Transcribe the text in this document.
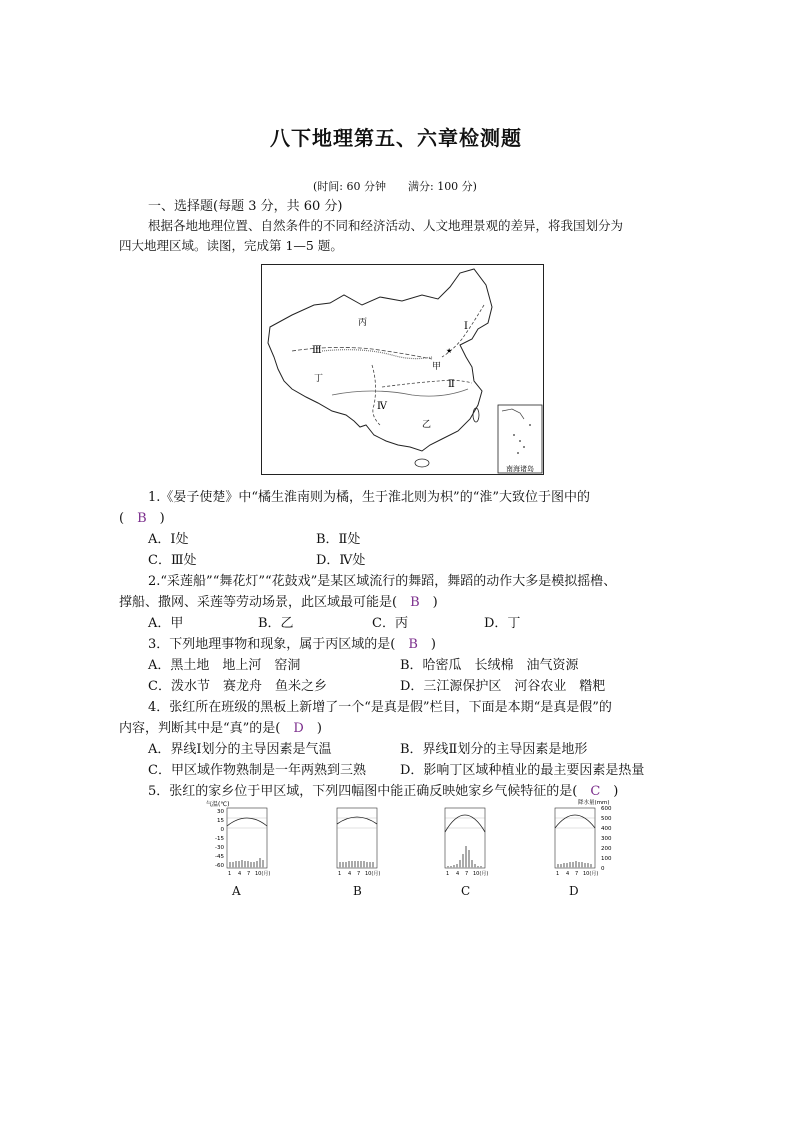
八下地理第五、六章检测题
(时间: 60 分钟　　满分: 100 分)
一、选择题(每题 3 分，共 60 分)
根据各地地理位置、自然条件的不同和经济活动、人文地理景观的差异，将我国划分为
四大地理区域。读图，完成第 1—5 题。
南海诸岛
丙
丁
乙
甲
Ⅰ
Ⅱ
Ⅲ
Ⅳ
★
1.《晏子使楚》中“橘生淮南则为橘，生于淮北则为枳”的“淮”大致位于图中的
(　B　)
A．Ⅰ处	B．Ⅱ处
C．Ⅲ处	D．Ⅳ处
2.“采莲船”“舞花灯”“花鼓戏”是某区域流行的舞蹈，舞蹈的动作大多是模拟摇橹、
撑船、撒网、采莲等劳动场景，此区域最可能是(　B　)
A．甲	B．乙	C．丙	D．丁
3．下列地理事物和现象，属于丙区域的是(　B　)
A．黑土地　地上河　窑洞	B．哈密瓜　长绒棉　油气资源
C．泼水节　赛龙舟　鱼米之乡	D．三江源保护区　河谷农业　糌粑
4．张红所在班级的黑板上新增了一个“是真是假”栏目，下面是本期“是真是假”的
内容，判断其中是“真”的是(　D　)
A．界线Ⅰ划分的主导因素是气温	B．界线Ⅱ划分的主导因素是地形
C．甲区域作物熟制是一年两熟到三熟	D．影响丁区域种植业的最主要因素是热量
5．张红的家乡位于甲区域，下列四幅图中能正确反映她家乡气候特征的是(　C　)
气温(℃)
30
15
0
-15
-30
-45
-60
降水量(mm)
600
500
400
300
200
100
0
1 4 7 10(月)	1 4 7 10(月)	1 4 7 10(月)	1 4 7 10(月)
A	B	C	D
